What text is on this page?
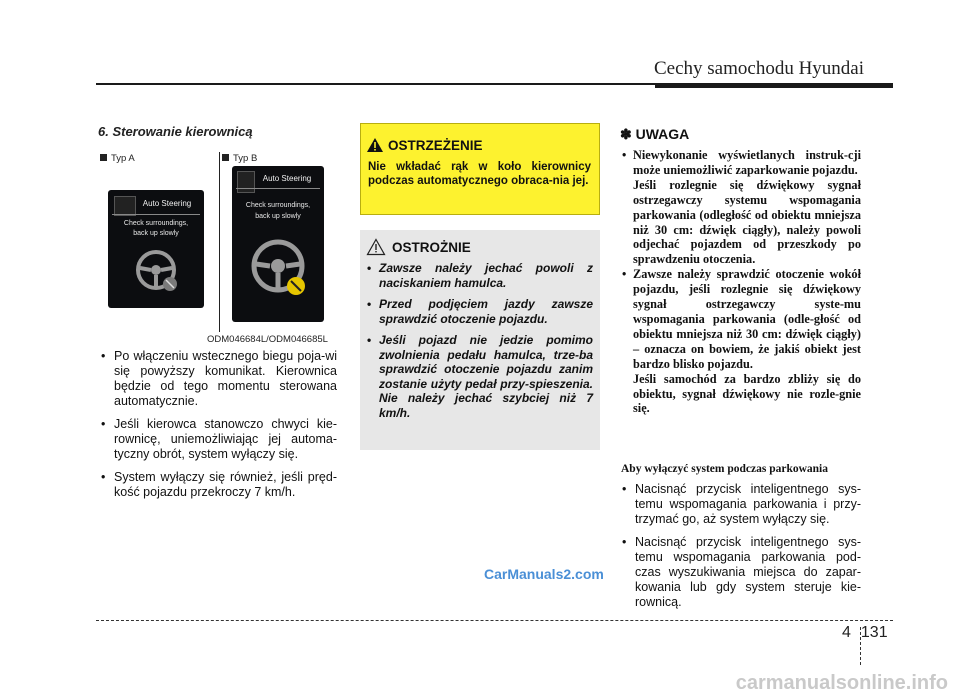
Cechy samochodu Hyundai
6. Sterowanie kierownicą
Typ A	Typ B
Auto Steering
Check surroundings,
back up slowly
Auto Steering
Check surroundings,
back up slowly
ODM046684L/ODM046685L
• Po włączeniu wstecznego biegu poja-wi się powyższy komunikat. Kierownica będzie od tego momentu sterowana automatycznie.
• Jeśli kierowca stanowczo chwyci kie-rownicę, uniemożliwiając jej automa-tyczny obrót, system wyłączy się.
• System wyłączy się również, jeśli pręd-kość pojazdu przekroczy 7 km/h.
OSTRZEŻENIE
Nie wkładać rąk w koło kierownicy podczas automatycznego obraca-nia jej.
OSTROŻNIE
• Zawsze należy jechać powoli z naciskaniem hamulca.
• Przed podjęciem jazdy zawsze sprawdzić otoczenie pojazdu.
• Jeśli pojazd nie jedzie pomimo zwolnienia pedału hamulca, trze-ba sprawdzić otoczenie pojazdu zanim zostanie użyty pedał przy-spieszenia. Nie należy jechać szybciej niż 7 km/h.
✽ UWAGA
• Niewykonanie wyświetlanych instruk-cji może uniemożliwić zaparkowanie pojazdu.
Jeśli rozlegnie się dźwiękowy sygnał ostrzegawczy systemu wspomagania parkowania (odległość od obiektu mniejsza niż 30 cm: dźwięk ciągły), należy powoli odjechać pojazdem od przeszkody po sprawdzeniu otoczenia.
• Zawsze należy sprawdzić otoczenie wokół pojazdu, jeśli rozlegnie się dźwiękowy sygnał ostrzegawczy syste-mu wspomagania parkowania (odle-głość od obiektu mniejsza niż 30 cm: dźwięk ciągły) – oznacza on bowiem, że jakiś obiekt jest bardzo blisko pojazdu.
Jeśli samochód za bardzo zbliży się do obiektu, sygnał dźwiękowy nie rozle-gnie się.
Aby wyłączyć system podczas parkowania
• Nacisnąć przycisk inteligentnego sys-temu wspomagania parkowania i przy-trzymać go, aż system wyłączy się.
• Nacisnąć przycisk inteligentnego sys-temu wspomagania parkowania pod-czas wyszukiwania miejsca do zapar-kowania lub gdy system steruje kie-rownicą.
CarManuals2.com
4 131
carmanualsonline.info
